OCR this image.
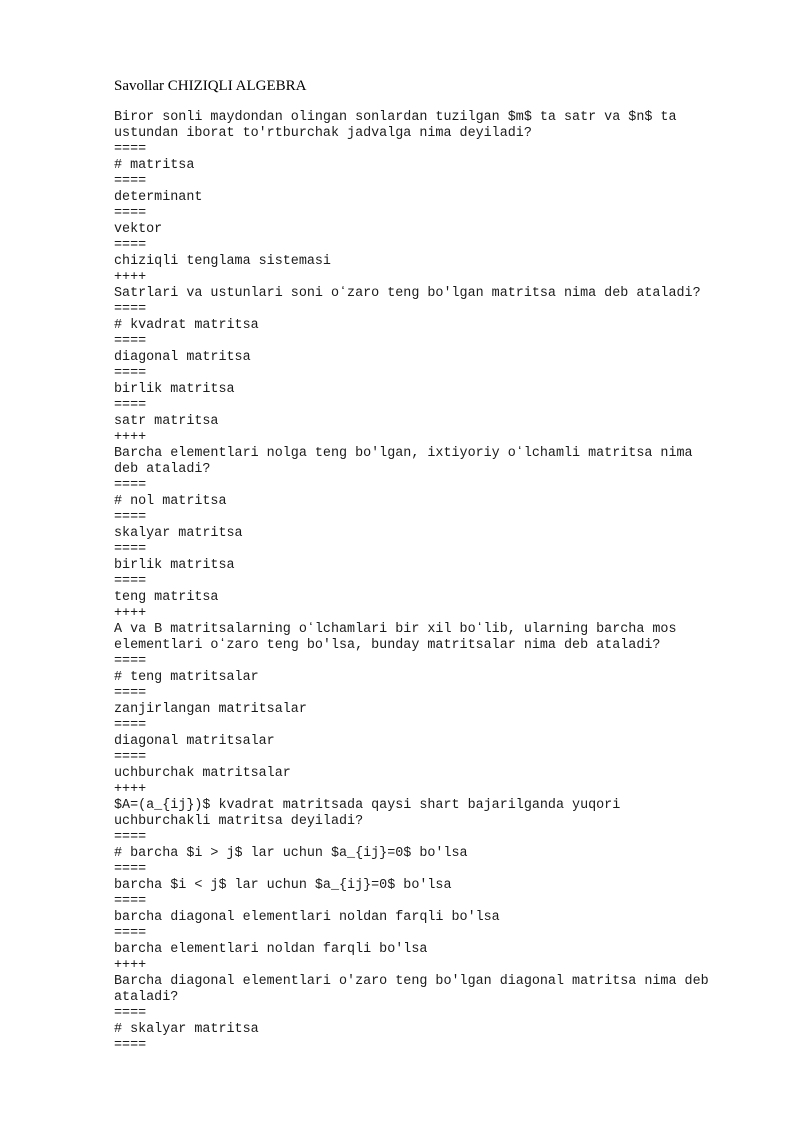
Savollar CHIZIQLI ALGEBRA
Biror sonli maydondan olingan sonlardan tuzilgan $m$ ta satr va $n$ ta
ustundan iborat to'rtburchak jadvalga nima deyiladi?
====
# matritsa
====
determinant
====
vektor
====
chiziqli tenglama sistemasi
++++
Satrlari va ustunlari soni oʻzaro teng bo'lgan matritsa nima deb ataladi?
====
# kvadrat matritsa
====
diagonal matritsa
====
birlik matritsa
====
satr matritsa
++++
Barcha elementlari nolga teng bo'lgan, ixtiyoriy oʻlchamli matritsa nima
deb ataladi?
====
# nol matritsa
====
skalyar matritsa
====
birlik matritsa
====
teng matritsa
++++
A va B matritsalarning oʻlchamlari bir xil boʻlib, ularning barcha mos
elementlari oʻzaro teng bo'lsa, bunday matritsalar nima deb ataladi?
====
# teng matritsalar
====
zanjirlangan matritsalar
====
diagonal matritsalar
====
uchburchak matritsalar
++++
$A=(a_{ij})$ kvadrat matritsada qaysi shart bajarilganda yuqori
uchburchakli matritsa deyiladi?
====
# barcha $i > j$ lar uchun $a_{ij}=0$ bo'lsa
====
barcha $i < j$ lar uchun $a_{ij}=0$ bo'lsa
====
barcha diagonal elementlari noldan farqli bo'lsa
====
barcha elementlari noldan farqli bo'lsa
++++
Barcha diagonal elementlari o'zaro teng bo'lgan diagonal matritsa nima deb
ataladi?
====
# skalyar matritsa
====
